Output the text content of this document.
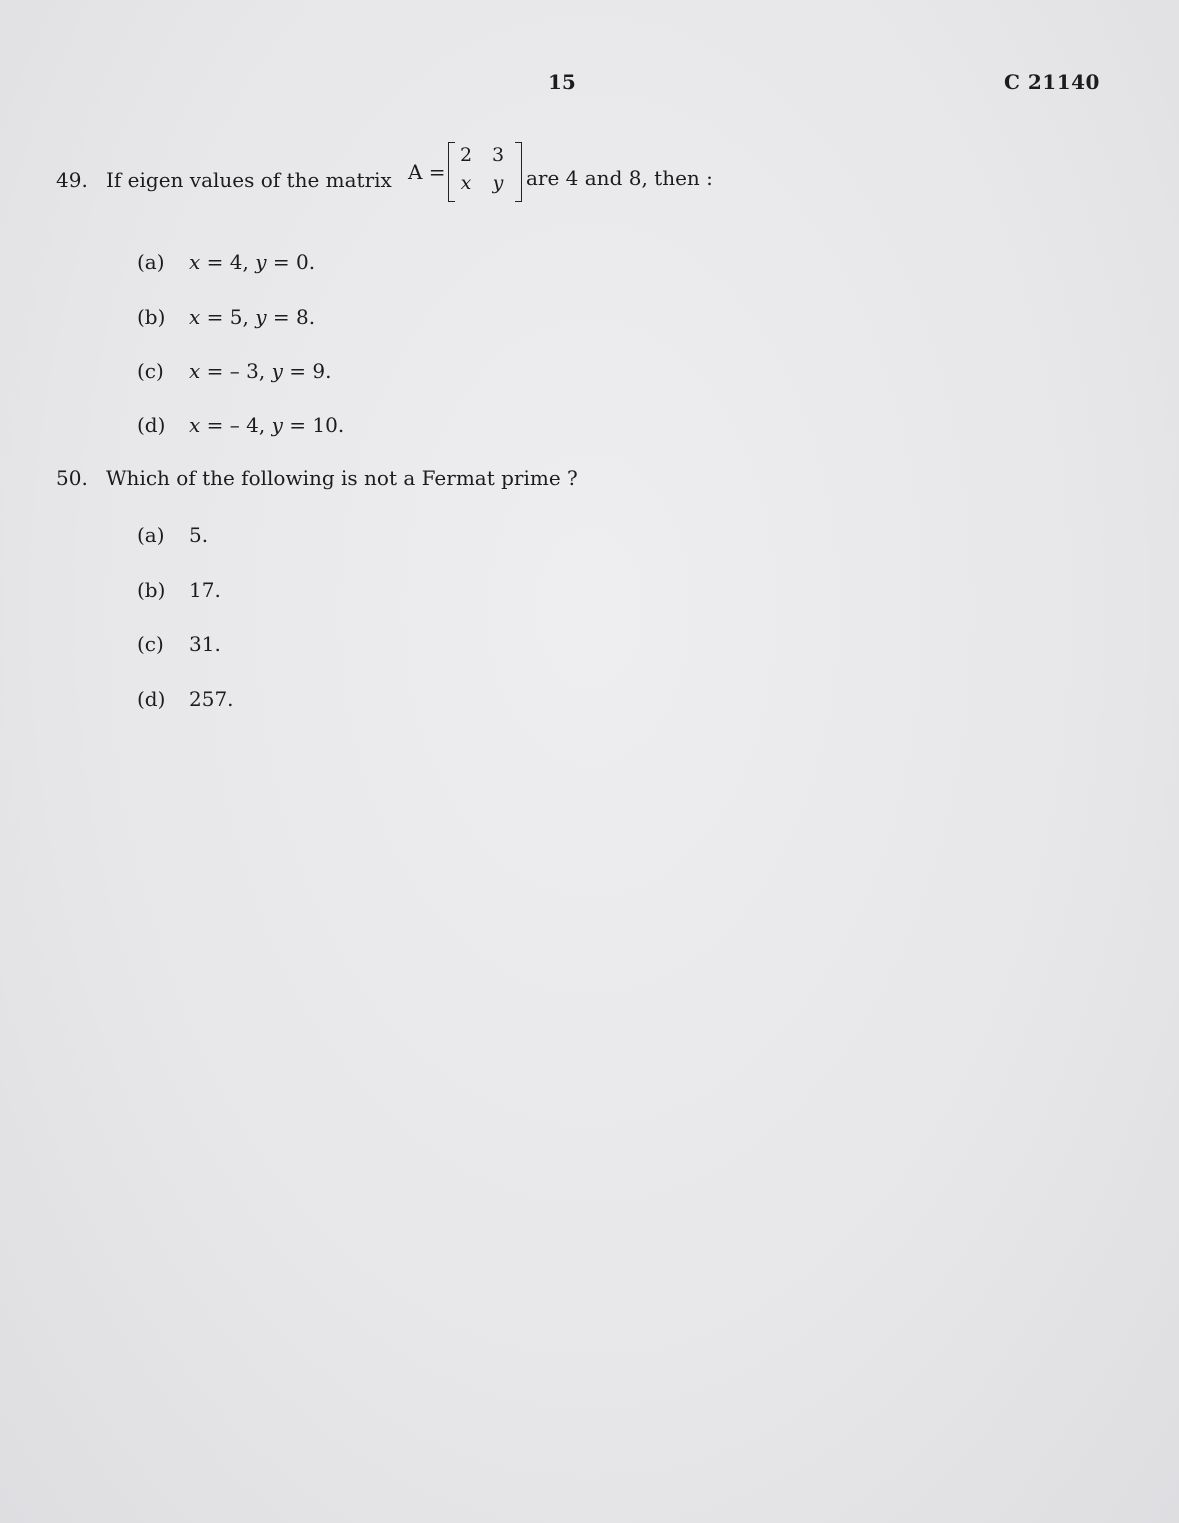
15	C 21140
49. If eigen values of the matrix A =
2 3
x y are 4 and 8, then :
(a) x = 4, y = 0.
(b) x = 5, y = 8.
(c) x = – 3, y = 9.
(d) x = – 4, y = 10.
50. Which of the following is not a Fermat prime ?
(a) 5.
(b) 17.
(c) 31.
(d) 257.
